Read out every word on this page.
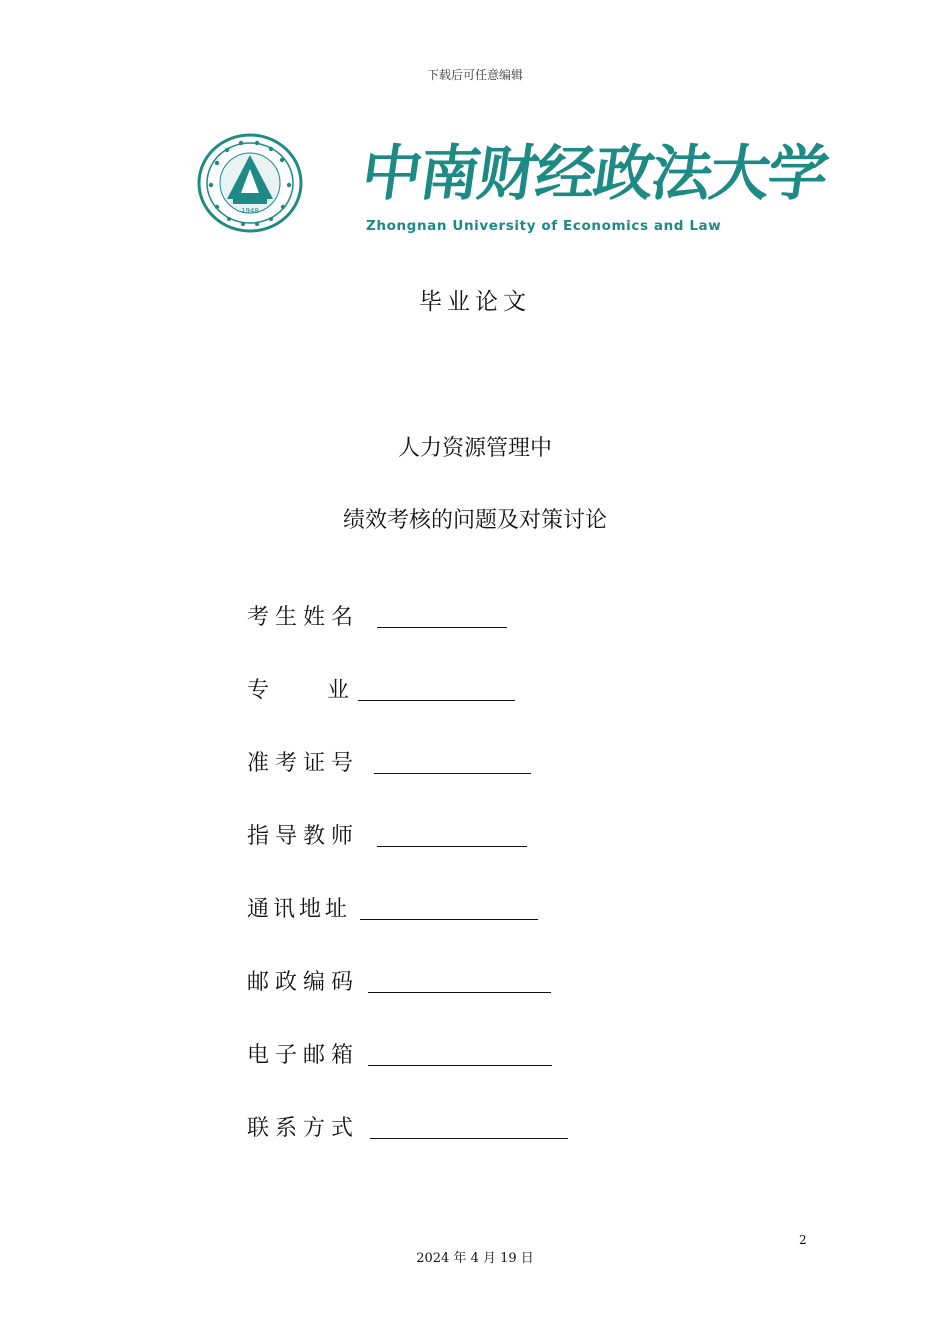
下载后可任意编辑
1948
中南财经政法大学
Zhongnan University of Economics and Law
毕业论文
人力资源管理中
绩效考核的问题及对策讨论
考生姓名
专    业
准考证号
指导教师
通讯地址
邮政编码
电子邮箱
联系方式
2
2024 年 4 月 19 日
